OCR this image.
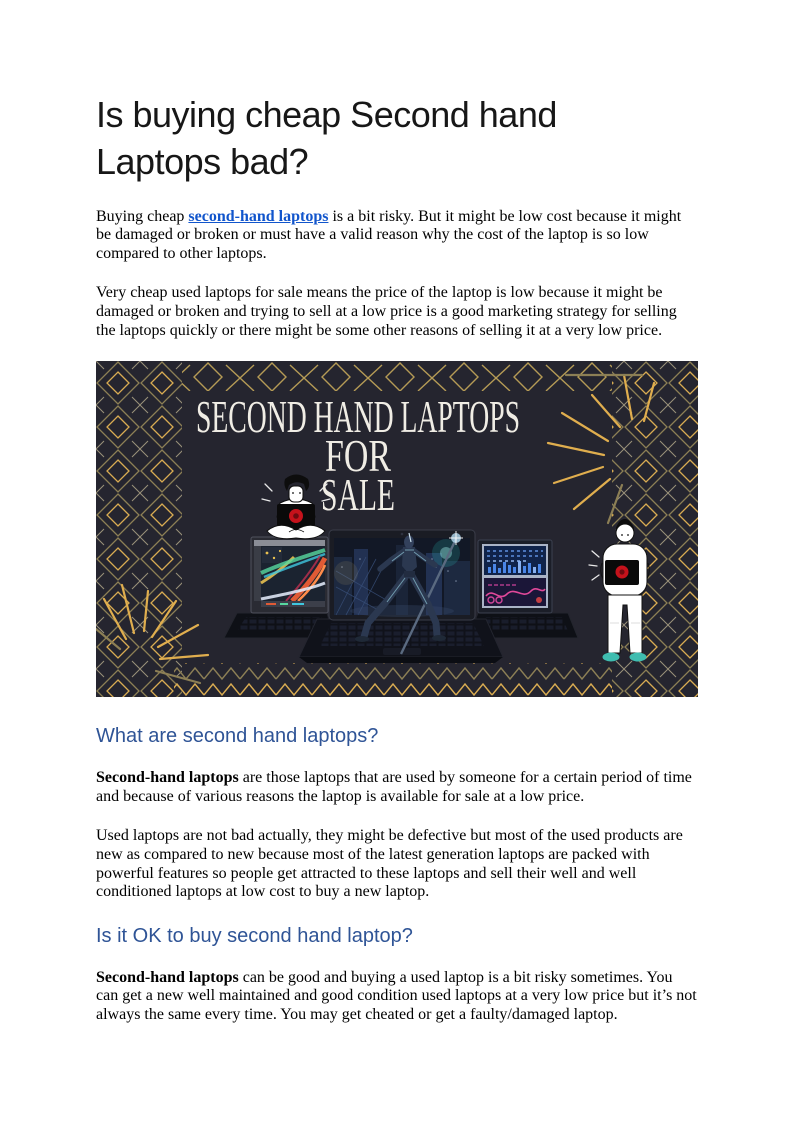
Is buying cheap Second hand Laptops bad?

Buying cheap second-hand laptops is a bit risky. But it might be low cost because it might be damaged or broken or must have a valid reason why the cost of the laptop is so low compared to other laptops.

Very cheap used laptops for sale means the price of the laptop is low because it might be damaged or broken and trying to sell at a low price is a good marketing strategy for selling the laptops quickly or there might be some other reasons of selling it at a very low price.

SECOND HAND LAPTOPS
FOR
SALE
What are second hand laptops?

Second-hand laptops are those laptops that are used by someone for a certain period of time and because of various reasons the laptop is available for sale at a low price.

Used laptops are not bad actually, they might be defective but most of the used products are new as compared to new because most of the latest generation laptops are packed with powerful features so people get attracted to these laptops and sell their well and well conditioned laptops at low cost to buy a new laptop.

Is it OK to buy second hand laptop?

Second-hand laptops can be good and buying a used laptop is a bit risky sometimes. You can get a new well maintained and good condition used laptops at a very low price but it’s not always the same every time. You may get cheated or get a faulty/damaged laptop.
